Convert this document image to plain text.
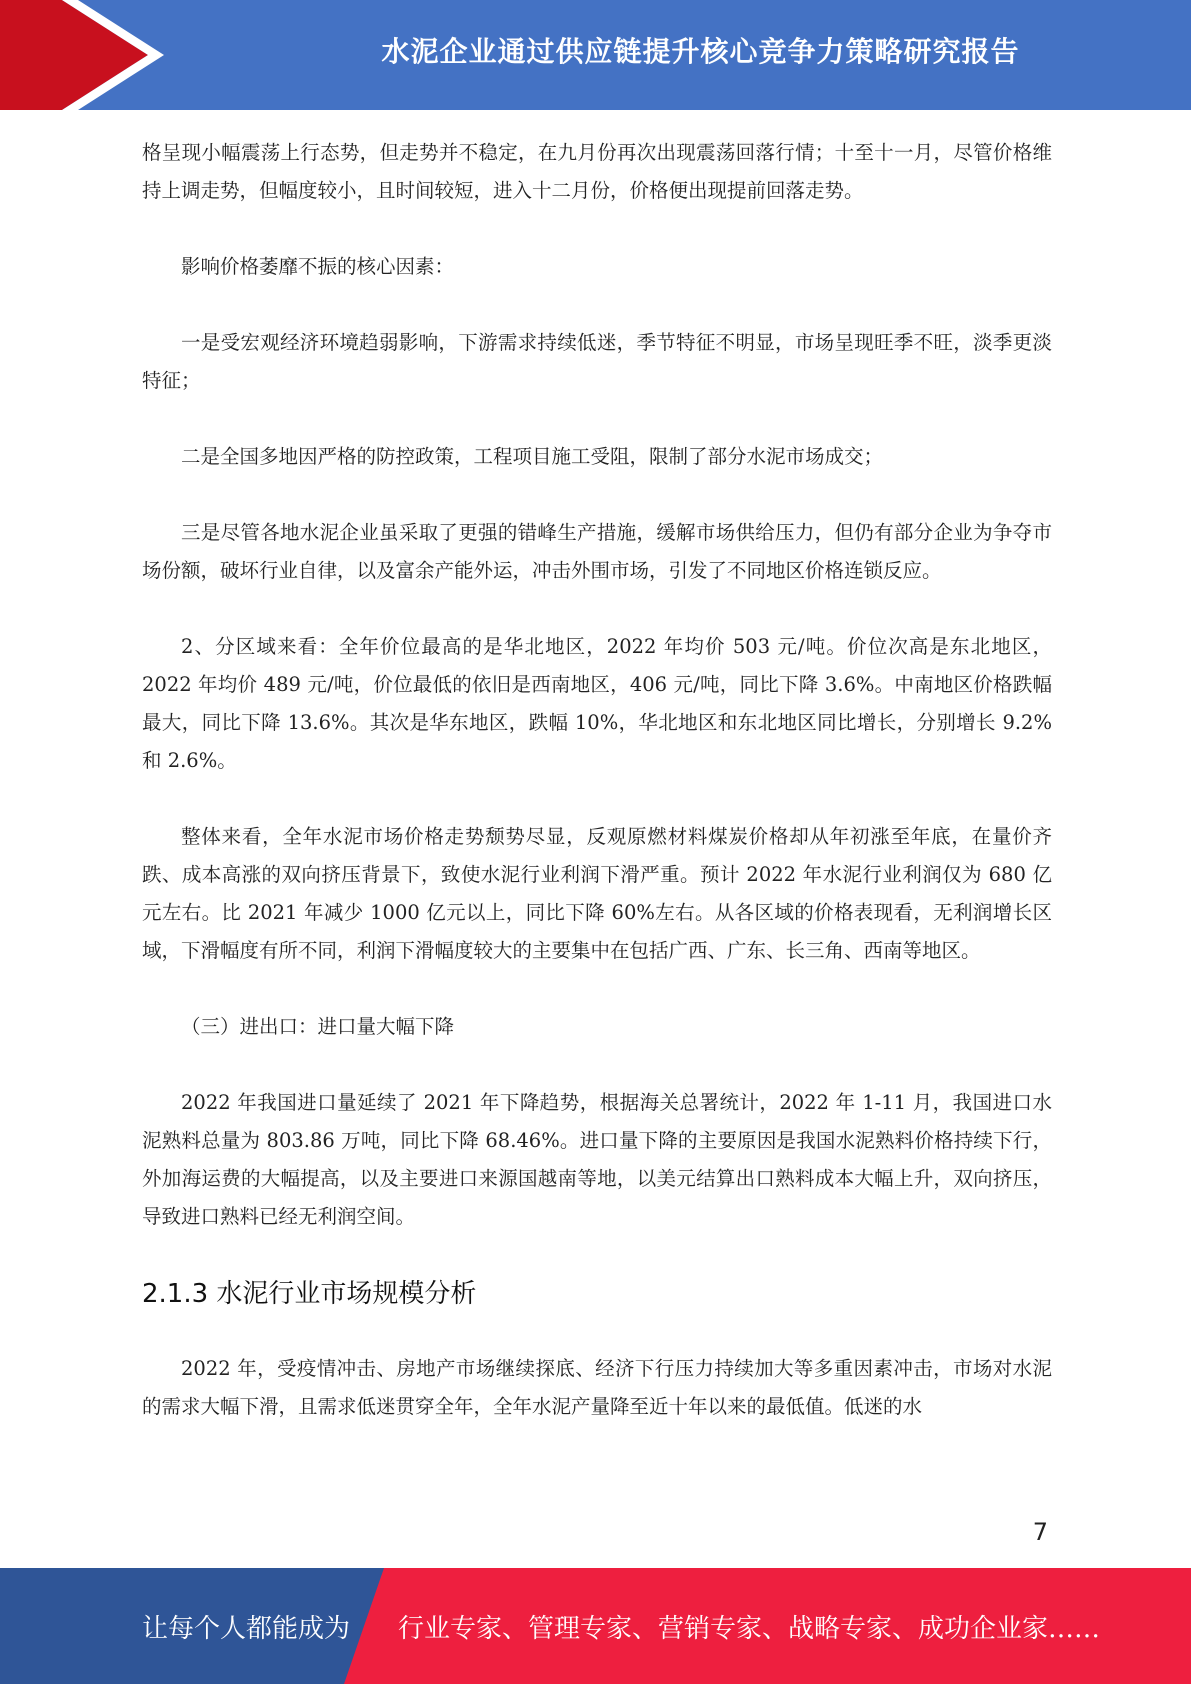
水泥企业通过供应链提升核心竞争力策略研究报告

格呈现小幅震荡上行态势，但走势并不稳定，在九月份再次出现震荡回落行情；十至十一月，尽管价格维持上调走势，但幅度较小，且时间较短，进入十二月份，价格便出现提前回落走势。

影响价格萎靡不振的核心因素：

一是受宏观经济环境趋弱影响，下游需求持续低迷，季节特征不明显，市场呈现旺季不旺，淡季更淡特征；

二是全国多地因严格的防控政策，工程项目施工受阻，限制了部分水泥市场成交；

三是尽管各地水泥企业虽采取了更强的错峰生产措施，缓解市场供给压力，但仍有部分企业为争夺市场份额，破坏行业自律，以及富余产能外运，冲击外围市场，引发了不同地区价格连锁反应。

2、分区域来看：全年价位最高的是华北地区，2022 年均价 503 元/吨。价位次高是东北地区，2022 年均价 489 元/吨，价位最低的依旧是西南地区，406 元/吨，同比下降 3.6%。中南地区价格跌幅最大，同比下降 13.6%。其次是华东地区，跌幅 10%，华北地区和东北地区同比增长，分别增长 9.2%和 2.6%。

整体来看，全年水泥市场价格走势颓势尽显，反观原燃材料煤炭价格却从年初涨至年底，在量价齐跌、成本高涨的双向挤压背景下，致使水泥行业利润下滑严重。预计 2022 年水泥行业利润仅为 680 亿元左右。比 2021 年减少 1000 亿元以上，同比下降 60%左右。从各区域的价格表现看，无利润增长区域，下滑幅度有所不同，利润下滑幅度较大的主要集中在包括广西、广东、长三角、西南等地区。

（三）进出口：进口量大幅下降

2022 年我国进口量延续了 2021 年下降趋势，根据海关总署统计，2022 年 1-11 月，我国进口水泥熟料总量为 803.86 万吨，同比下降 68.46%。进口量下降的主要原因是我国水泥熟料价格持续下行，外加海运费的大幅提高，以及主要进口来源国越南等地，以美元结算出口熟料成本大幅上升，双向挤压，导致进口熟料已经无利润空间。

2.1.3 水泥行业市场规模分析

2022 年，受疫情冲击、房地产市场继续探底、经济下行压力持续加大等多重因素冲击，市场对水泥的需求大幅下滑，且需求低迷贯穿全年，全年水泥产量降至近十年以来的最低值。低迷的水

7
让每个人都能成为 行业专家、管理专家、营销专家、战略专家、成功企业家……
